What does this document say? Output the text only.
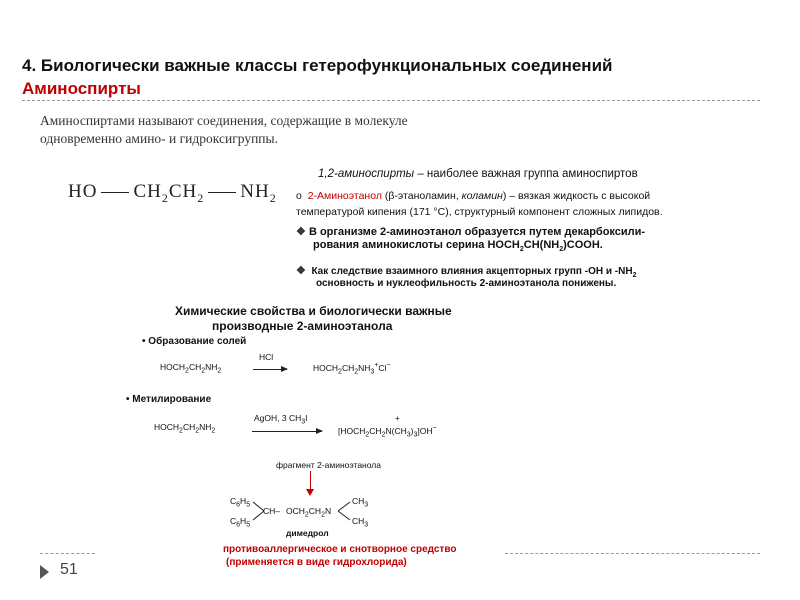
4. Биологически важные классы гетерофункциональных соединений
Аминоспирты
Аминоспиртами называют соединения, содержащие в молекуле
одновременно амино- и гидроксигруппы.
HO $CH_2CH_2$ $NH_2$
1,2-аминоспирты – наиболее важная группа аминоспиртов
o 2-Аминоэтанол (β-этаноламин, коламин) – вязкая жидкость с высокой
температурой кипения (171 °С), структурный компонент сложных липидов.
❖ В организме 2-аминоэтанол образуется путем декарбоксили-
рования аминокислоты серина $HOCH_2CH(NH_2)COOH$.
❖ Как следствие взаимного влияния акцепторных групп -OH и $-NH_2$
основность и нуклеофильность 2-аминоэтанола понижены.
Химические свойства и биологически важные
производные 2-аминоэтанола
• Образование солей
$HOCH_2CH_2NH_2$
HCl
$HOCH_2CH_2NH_3^+Cl^-$
• Метилирование
$HOCH_2CH_2NH_2$
AgOH, 3 $CH_3I$	+
$[HOCH_2CH_2N(CH_3)_3]OH^-$
фрагмент 2-аминоэтанола
$C_6H_5$
$C_6H_5$
CH– $OCH_2CH_2N$
$CH_3$
$CH_3$
димедрол
противоаллергическое и снотворное средство
(применяется в виде гидрохлорида)
51
